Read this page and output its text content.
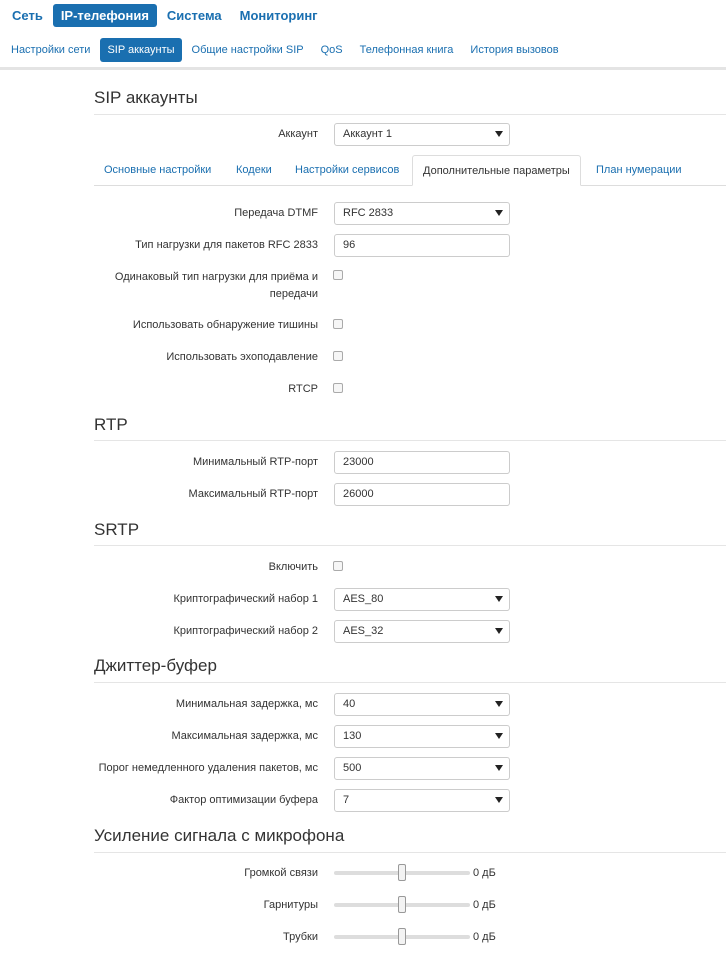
Сеть	IP-телефония	Система	Мониторинг
Настройки сети	SIP аккаунты	Общие настройки SIP	QoS	Телефонная книга	История вызовов
SIP аккаунты
Аккаунт	Аккаунт 1
Основные настройки	Кодеки	Настройки сервисов	Дополнительные параметры	План нумерации
Передача DTMF	RFC 2833
Тип нагрузки для пакетов RFC 2833	96
Одинаковый тип нагрузки для приёма и
передачи
Использовать обнаружение тишины
Использовать эхоподавление
RTCP
RTP
Минимальный RTP-порт	23000
Максимальный RTP-порт	26000
SRTP
Включить
Криптографический набор 1	AES_80
Криптографический набор 2	AES_32
Джиттер-буфер
Минимальная задержка, мс	40
Максимальная задержка, мс	130
Порог немедленного удаления пакетов, мс	500
Фактор оптимизации буфера	7
Усиление сигнала с микрофона
Громкой связи	0 дБ
Гарнитуры	0 дБ
Трубки	0 дБ
